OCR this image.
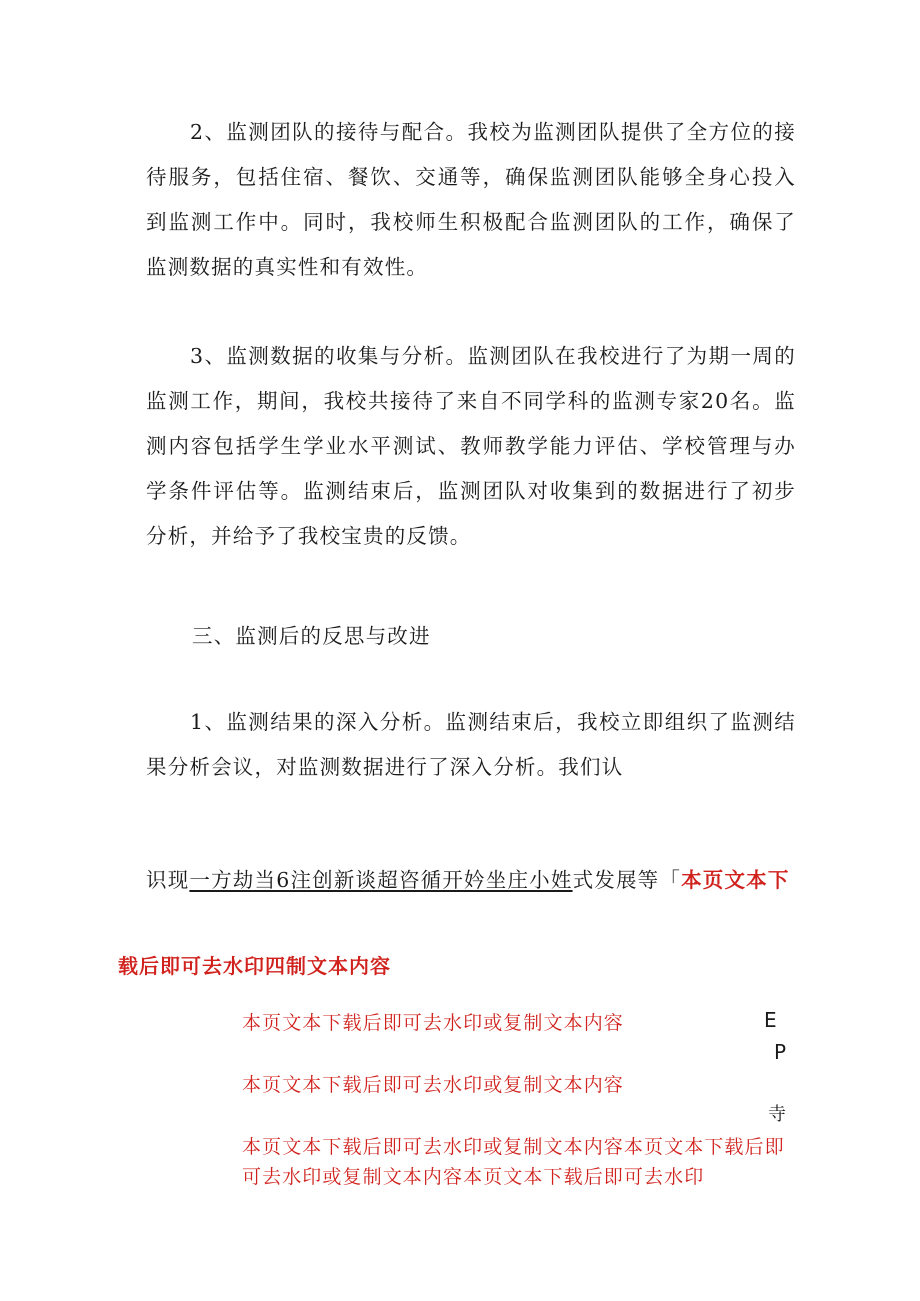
2、监测团队的接待与配合。我校为监测团队提供了全方位的接待服务，包括住宿、餐饮、交通等，确保监测团队能够全身心投入到监测工作中。同时，我校师生积极配合监测团队的工作，确保了监测数据的真实性和有效性。

3、监测数据的收集与分析。监测团队在我校进行了为期一周的监测工作，期间，我校共接待了来自不同学科的监测专家20名。监测内容包括学生学业水平测试、教师教学能力评估、学校管理与办学条件评估等。监测结束后，监测团队对收集到的数据进行了初步分析，并给予了我校宝贵的反馈。

三、监测后的反思与改进

1、监测结果的深入分析。监测结束后，我校立即组织了监测结果分析会议，对监测数据进行了深入分析。我们认

识现一方劫当6注创新谈超咨循开妗坐庄小姓式发展等「本页文本下
载后即可去水印四制文本内容
本页文本下载后即可去水印或复制文本内容
本页文本下载后即可去水印或复制文本内容
本页文本下载后即可去水印或复制文本内容本页文本下载后即可去水印或复制文本内容本页文本下载后即可去水印
E
P
寺
